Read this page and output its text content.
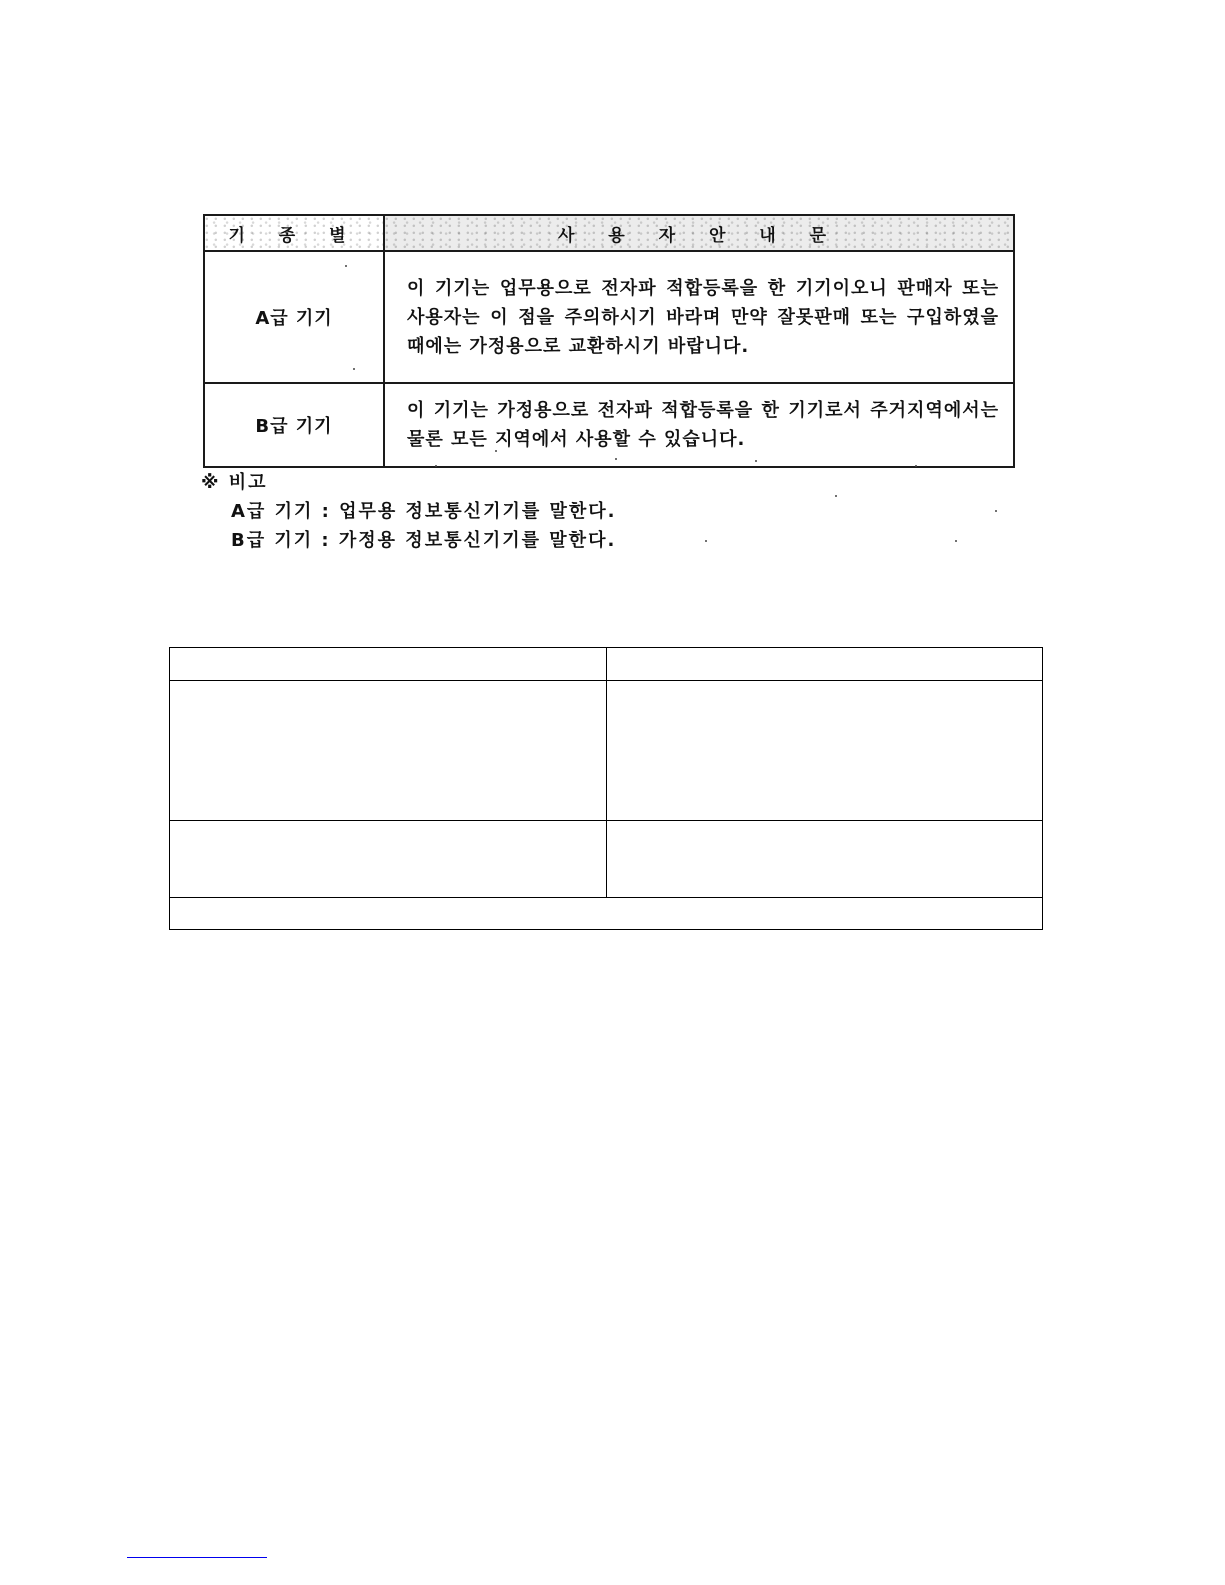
기 종 별	사 용 자 안 내 문
A급 기기	이 기기는 업무용으로 전자파 적합등록을 한 기기이오니 판매자 또는 사용자는 이 점을 주의하시기 바라며 만약 잘못판매 또는 구입하였을 때에는 가정용으로 교환하시기 바랍니다.
B급 기기	이 기기는 가정용으로 전자파 적합등록을 한 기기로서 주거지역에서는 물론 모든 지역에서 사용할 수 있습니다.
※ 비고
A급 기기 : 업무용 정보통신기기를 말한다.
B급 기기 : 가정용 정보통신기기를 말한다.
